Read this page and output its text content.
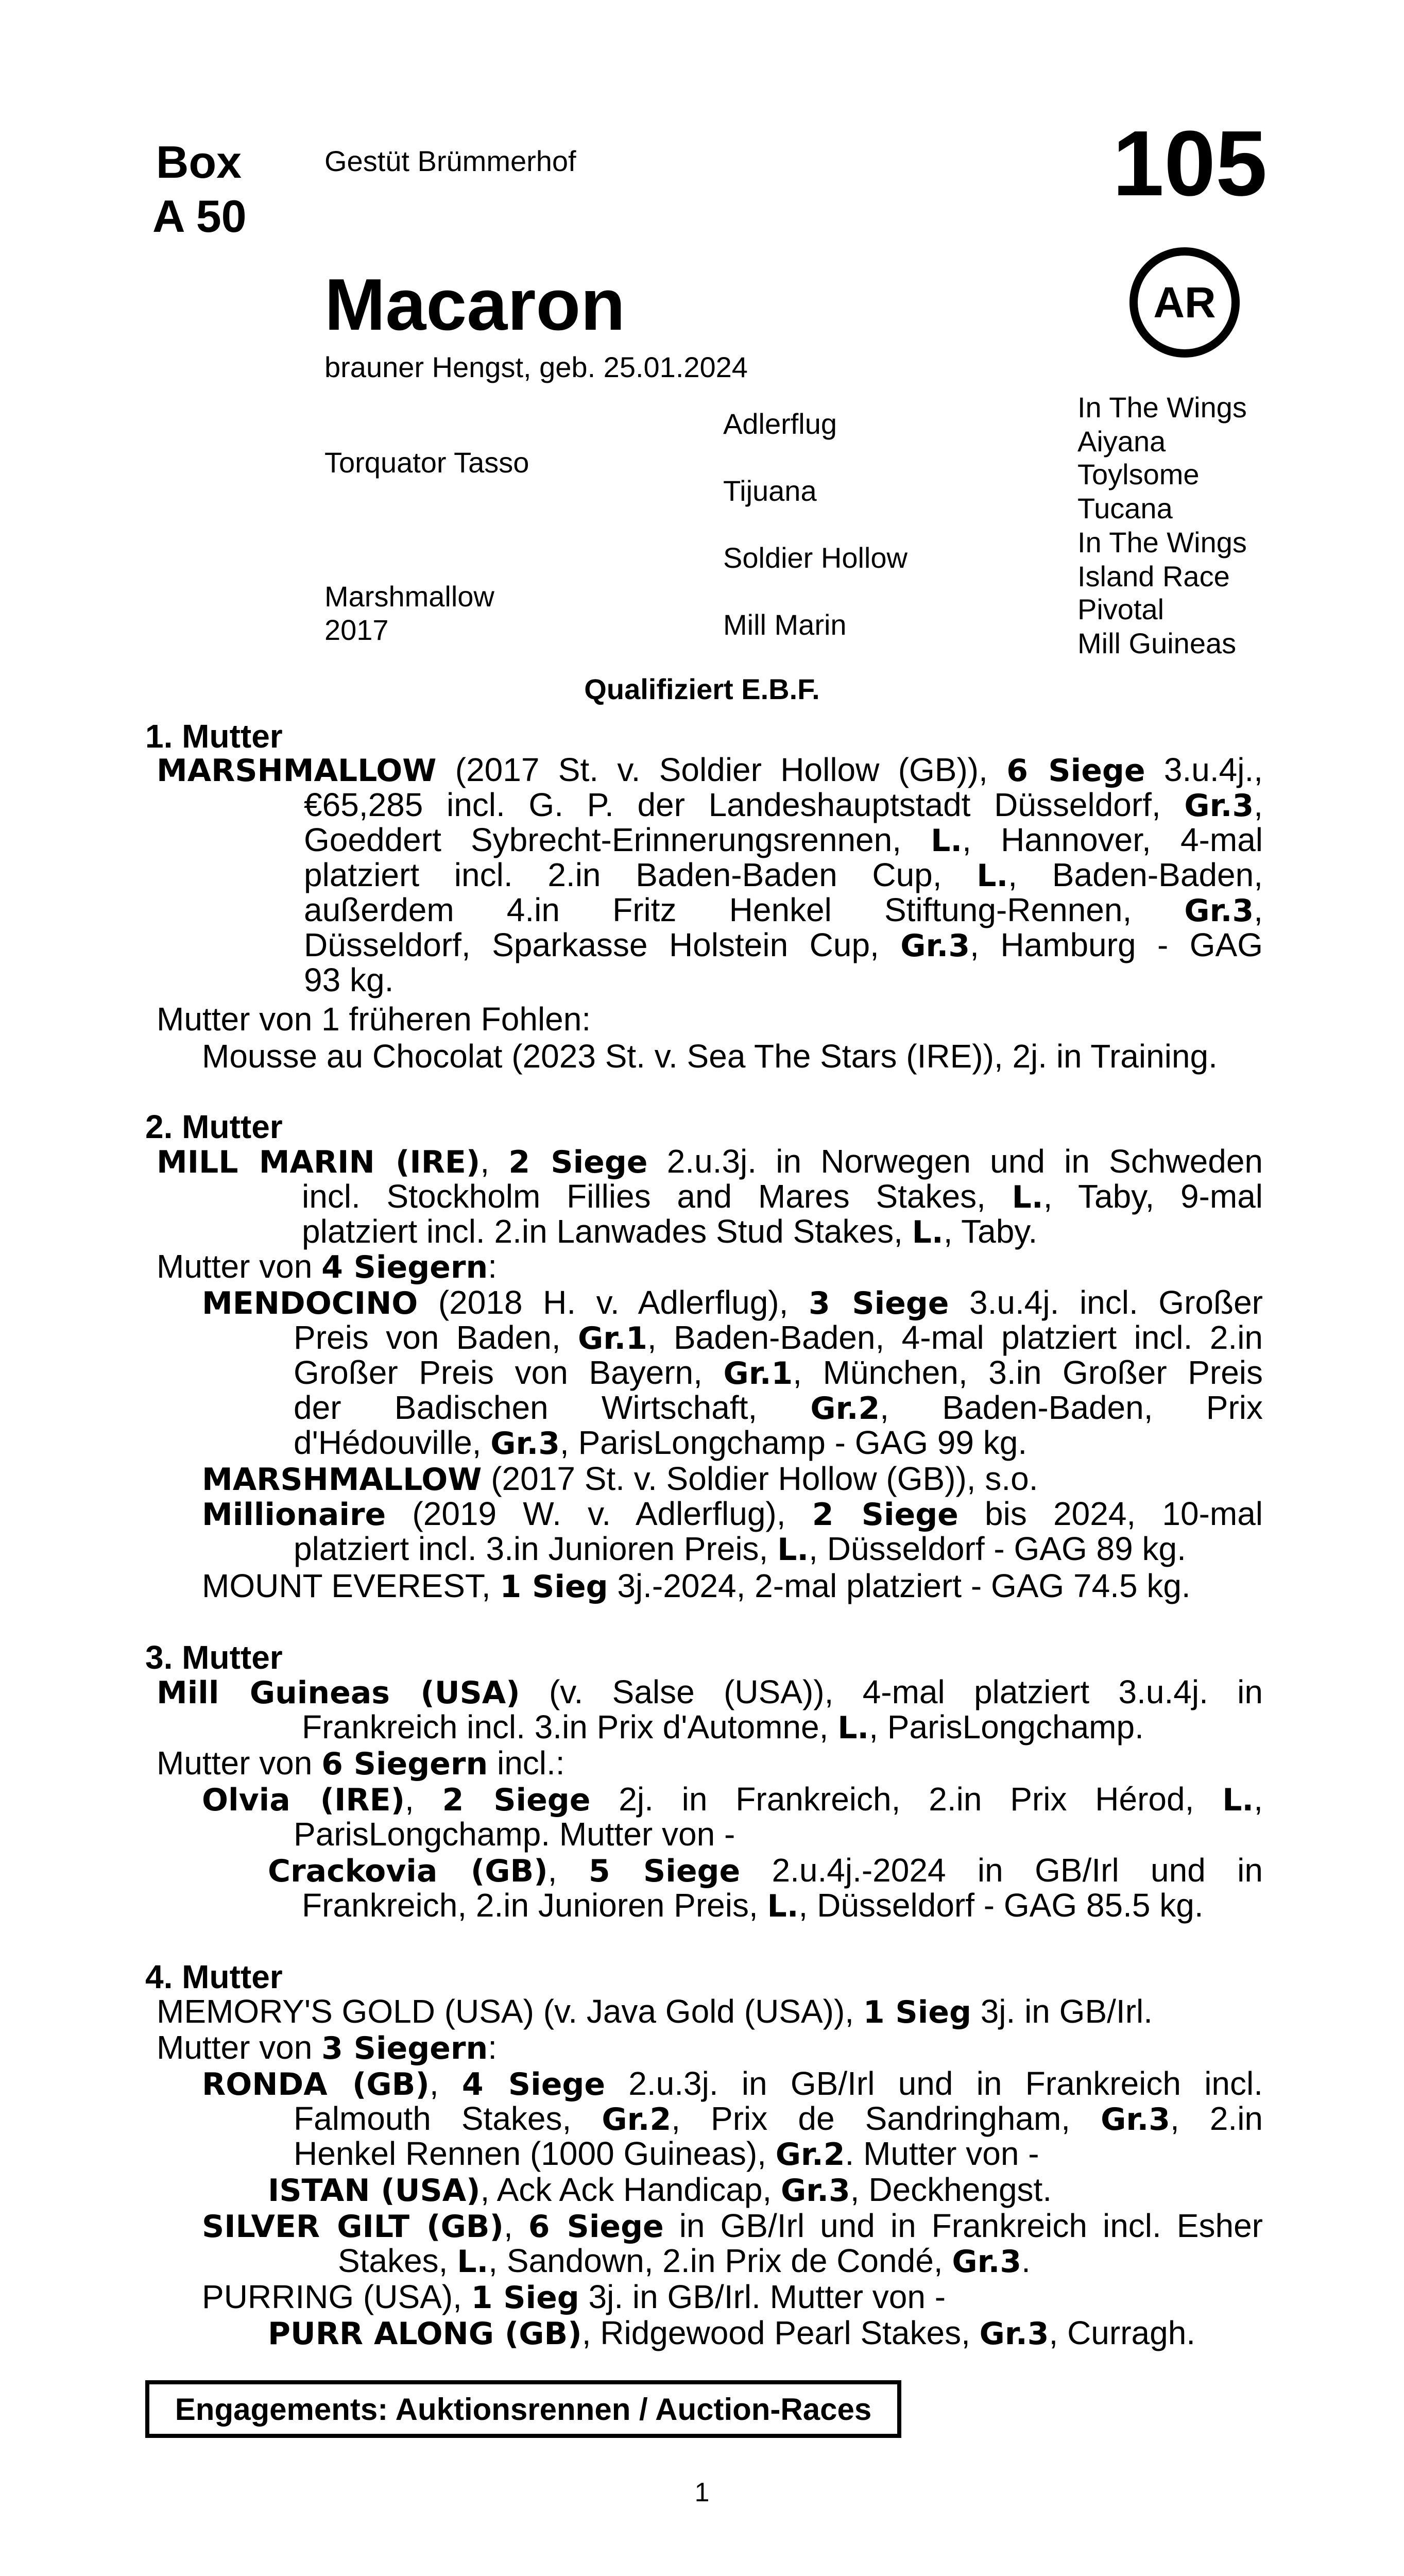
Box
A 50
Gestüt Brümmerhof	105
AR
Macaron
brauner Hengst, geb. 25.01.2024
Torquator Tasso
Marshmallow
2017
Adlerflug
Tijuana
Soldier Hollow
Mill Marin
In The Wings
Aiyana
Toylsome
Tucana
In The Wings
Island Race
Pivotal
Mill Guineas
Qualifiziert E.B.F.
1. Mutter
MARSHMALLOW (2017 St. v. Soldier Hollow (GB)), 6 Siege 3.u.4j.,
€65,285 incl. G. P. der Landeshauptstadt Düsseldorf, Gr.3,
Goeddert Sybrecht-Erinnerungsrennen, L., Hannover, 4-mal
platziert incl. 2.in Baden-Baden Cup, L., Baden-Baden,
außerdem 4.in Fritz Henkel Stiftung-Rennen, Gr.3,
Düsseldorf, Sparkasse Holstein Cup, Gr.3, Hamburg - GAG
93 kg.
Mutter von 1 früheren Fohlen:
Mousse au Chocolat (2023 St. v. Sea The Stars (IRE)), 2j. in Training.
2. Mutter
MILL MARIN (IRE), 2 Siege 2.u.3j. in Norwegen und in Schweden
incl. Stockholm Fillies and Mares Stakes, L., Taby, 9-mal
platziert incl. 2.in Lanwades Stud Stakes, L., Taby.
Mutter von 4 Siegern:
MENDOCINO (2018 H. v. Adlerflug), 3 Siege 3.u.4j. incl. Großer
Preis von Baden, Gr.1, Baden-Baden, 4-mal platziert incl. 2.in
Großer Preis von Bayern, Gr.1, München, 3.in Großer Preis
der Badischen Wirtschaft, Gr.2, Baden-Baden, Prix
d'Hédouville, Gr.3, ParisLongchamp - GAG 99 kg.
MARSHMALLOW (2017 St. v. Soldier Hollow (GB)), s.o.
Millionaire (2019 W. v. Adlerflug), 2 Siege bis 2024, 10-mal
platziert incl. 3.in Junioren Preis, L., Düsseldorf - GAG 89 kg.
MOUNT EVEREST, 1 Sieg 3j.-2024, 2-mal platziert - GAG 74.5 kg.
3. Mutter
Mill Guineas (USA) (v. Salse (USA)), 4-mal platziert 3.u.4j. in
Frankreich incl. 3.in Prix d'Automne, L., ParisLongchamp.
Mutter von 6 Siegern incl.:
Olvia (IRE), 2 Siege 2j. in Frankreich, 2.in Prix Hérod, L.,
ParisLongchamp. Mutter von -
Crackovia (GB), 5 Siege 2.u.4j.-2024 in GB/Irl und in
Frankreich, 2.in Junioren Preis, L., Düsseldorf - GAG 85.5 kg.
4. Mutter
MEMORY'S GOLD (USA) (v. Java Gold (USA)), 1 Sieg 3j. in GB/Irl.
Mutter von 3 Siegern:
RONDA (GB), 4 Siege 2.u.3j. in GB/Irl und in Frankreich incl.
Falmouth Stakes, Gr.2, Prix de Sandringham, Gr.3, 2.in
Henkel Rennen (1000 Guineas), Gr.2. Mutter von -
ISTAN (USA), Ack Ack Handicap, Gr.3, Deckhengst.
SILVER GILT (GB), 6 Siege in GB/Irl und in Frankreich incl. Esher
Stakes, L., Sandown, 2.in Prix de Condé, Gr.3.
PURRING (USA), 1 Sieg 3j. in GB/Irl. Mutter von -
PURR ALONG (GB), Ridgewood Pearl Stakes, Gr.3, Curragh.
Engagements: Auktionsrennen / Auction-Races
1
